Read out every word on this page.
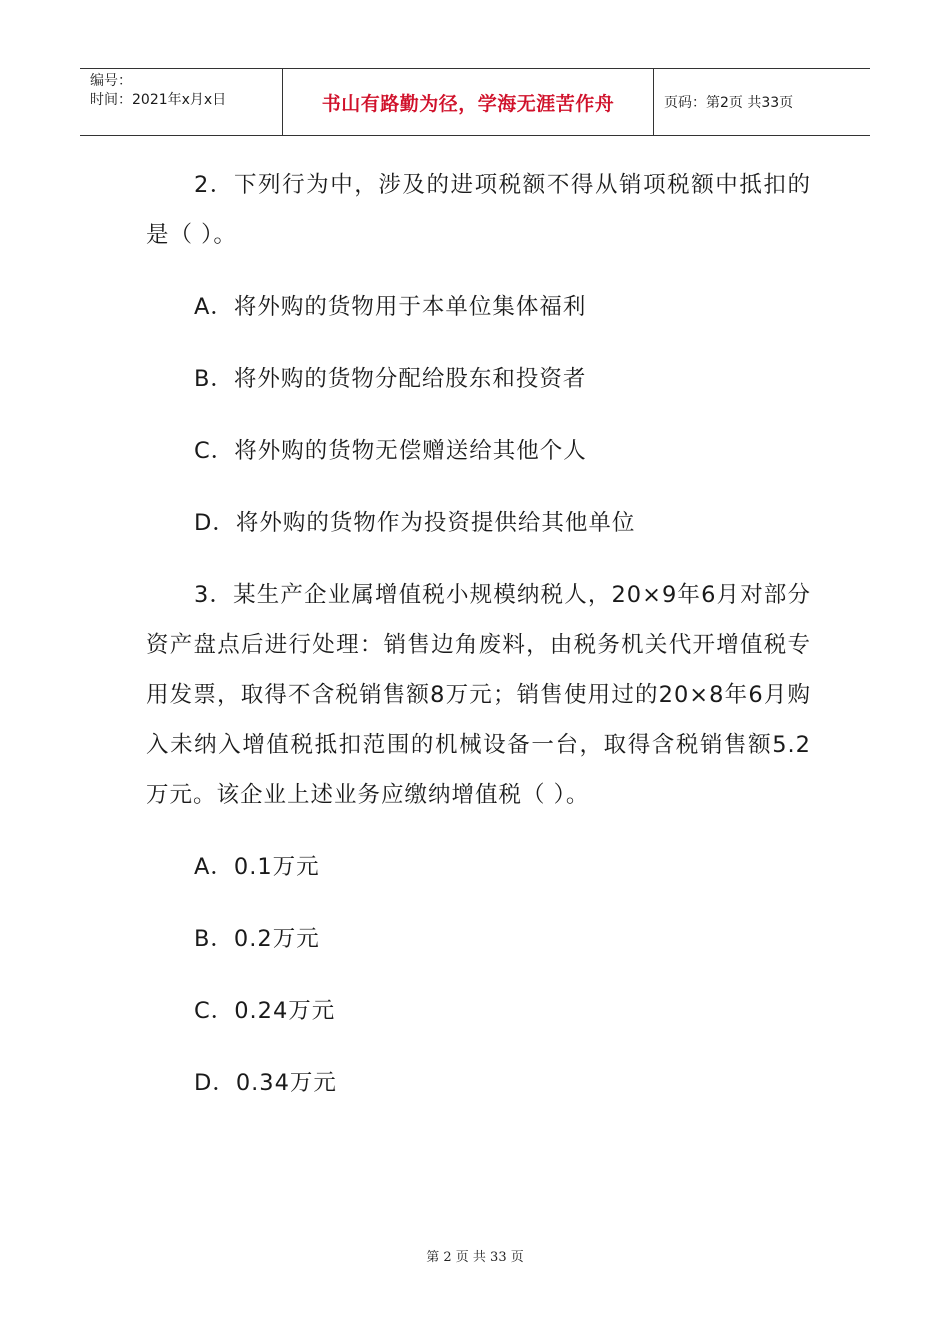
编号：
时间：2021年x月x日	书山有路勤为径，学海无涯苦作舟	页码：第2页 共33页

2．下列行为中，涉及的进项税额不得从销项税额中抵扣的是（ ）。

A．将外购的货物用于本单位集体福利

B．将外购的货物分配给股东和投资者

C．将外购的货物无偿赠送给其他个人

D．将外购的货物作为投资提供给其他单位

3．某生产企业属增值税小规模纳税人，20×9年6月对部分资产盘点后进行处理：销售边角废料，由税务机关代开增值税专用发票，取得不含税销售额8万元；销售使用过的20×8年6月购入未纳入增值税抵扣范围的机械设备一台，取得含税销售额5.2万元。该企业上述业务应缴纳增值税（ ）。

A．0.1万元

B．0.2万元

C．0.24万元

D．0.34万元

第 2 页 共 33 页
